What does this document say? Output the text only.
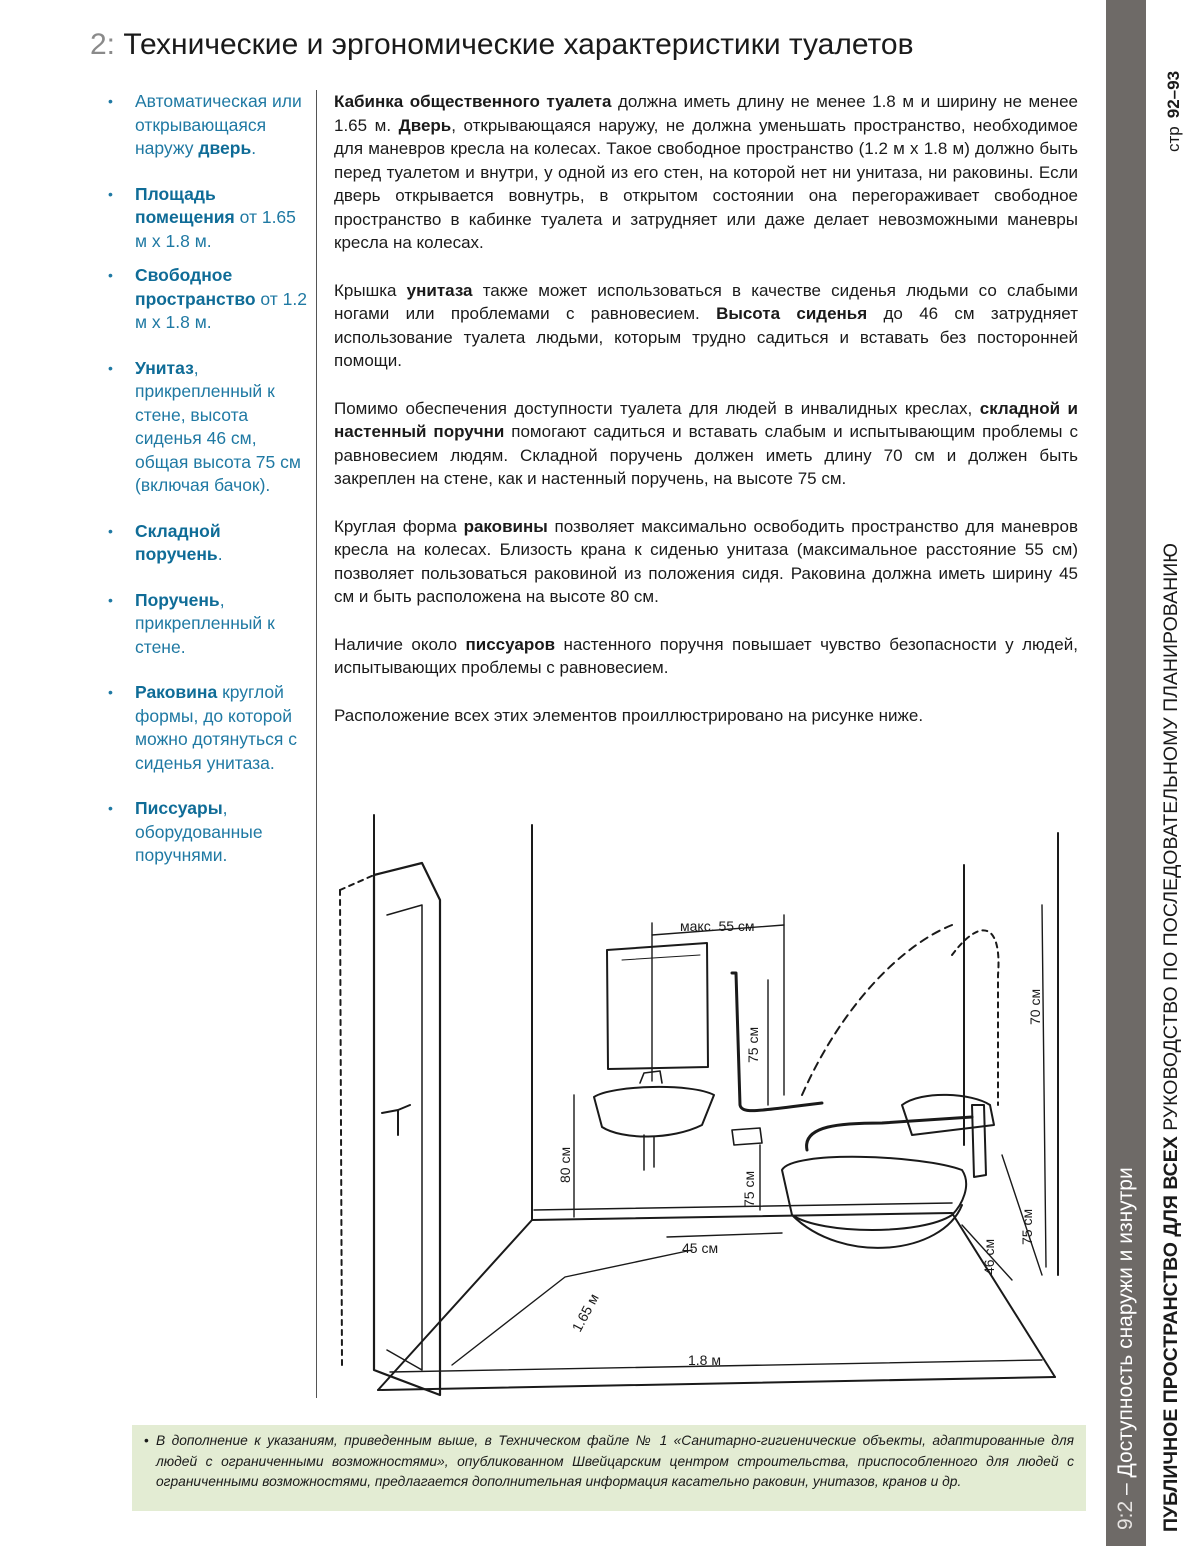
2: Технические и эргономические характеристики туалетов
• Автоматическая или открывающаяся наружу дверь.
• Площадь помещения от 1.65 м х 1.8 м.
• Свободное пространство от 1.2 м х 1.8 м.
• Унитаз, прикрепленный к стене, высота сиденья 46 см, общая высота 75 см (включая бачок).
• Складной поручень.
• Поручень, прикрепленный к стене.
• Раковина круглой формы, до которой можно дотянуться с сиденья унитаза.
• Писсуары, оборудованные поручнями.

Кабинка общественного туалета должна иметь длину не менее 1.8 м и ширину не менее 1.65 м. Дверь, открывающаяся наружу, не должна уменьшать пространство, необходимое для маневров кресла на колесах. Такое свободное пространство (1.2 м х 1.8 м) должно быть перед туалетом и внутри, у одной из его стен, на которой нет ни унитаза, ни раковины. Если дверь открывается вовнутрь, в открытом состоянии она перегораживает свободное пространство в кабинке туалета и затрудняет или даже делает невозможными маневры кресла на колесах.

Крышка унитаза также может использоваться в качестве сиденья людьми со слабыми ногами или проблемами с равновесием. Высота сиденья до 46 см затрудняет использование туалета людьми, которым трудно садиться и вставать без посторонней помощи.

Помимо обеспечения доступности туалета для людей в инвалидных креслах, складной и настенный поручни помогают садиться и вставать слабым и испытывающим проблемы с равновесием людям. Складной поручень должен иметь длину 70 см и должен быть закреплен на стене, как и настенный поручень, на высоте 75 см.

Круглая форма раковины позволяет максимально освободить пространство для маневров кресла на колесах. Близость крана к сиденью унитаза (максимальное расстояние 55 см) позволяет пользоваться раковиной из положения сидя. Раковина должна иметь ширину 45 см и быть расположена на высоте 80 см.

Наличие около писсуаров настенного поручня повышает чувство безопасности у людей, испытывающих проблемы с равновесием.

Расположение всех этих элементов проиллюстрировано на рисунке ниже.

макс. 55 см
75 см
80 см
75 см
45 см
1.65 м
1.8 м
70 см
75 см
46 см
• В дополнение к указаниям, приведенным выше, в Техническом файле № 1 «Санитарно-гигиенические объекты, адаптированные для людей с ограниченными возможностями», опубликованном Швейцарским центром строительства, приспособленного для людей с ограниченными возможностями, предлагается дополнительная информация касательно раковин, унитазов, кранов и др.
9:2 – Доступность снаружи и изнутри ПУБЛИЧНОЕ ПРОСТРАНСТВО ДЛЯ ВСЕХ РУКОВОДСТВО ПО ПОСЛЕДОВАТЕЛЬНОМУ ПЛАНИРОВАНИЮ
стр92–93
